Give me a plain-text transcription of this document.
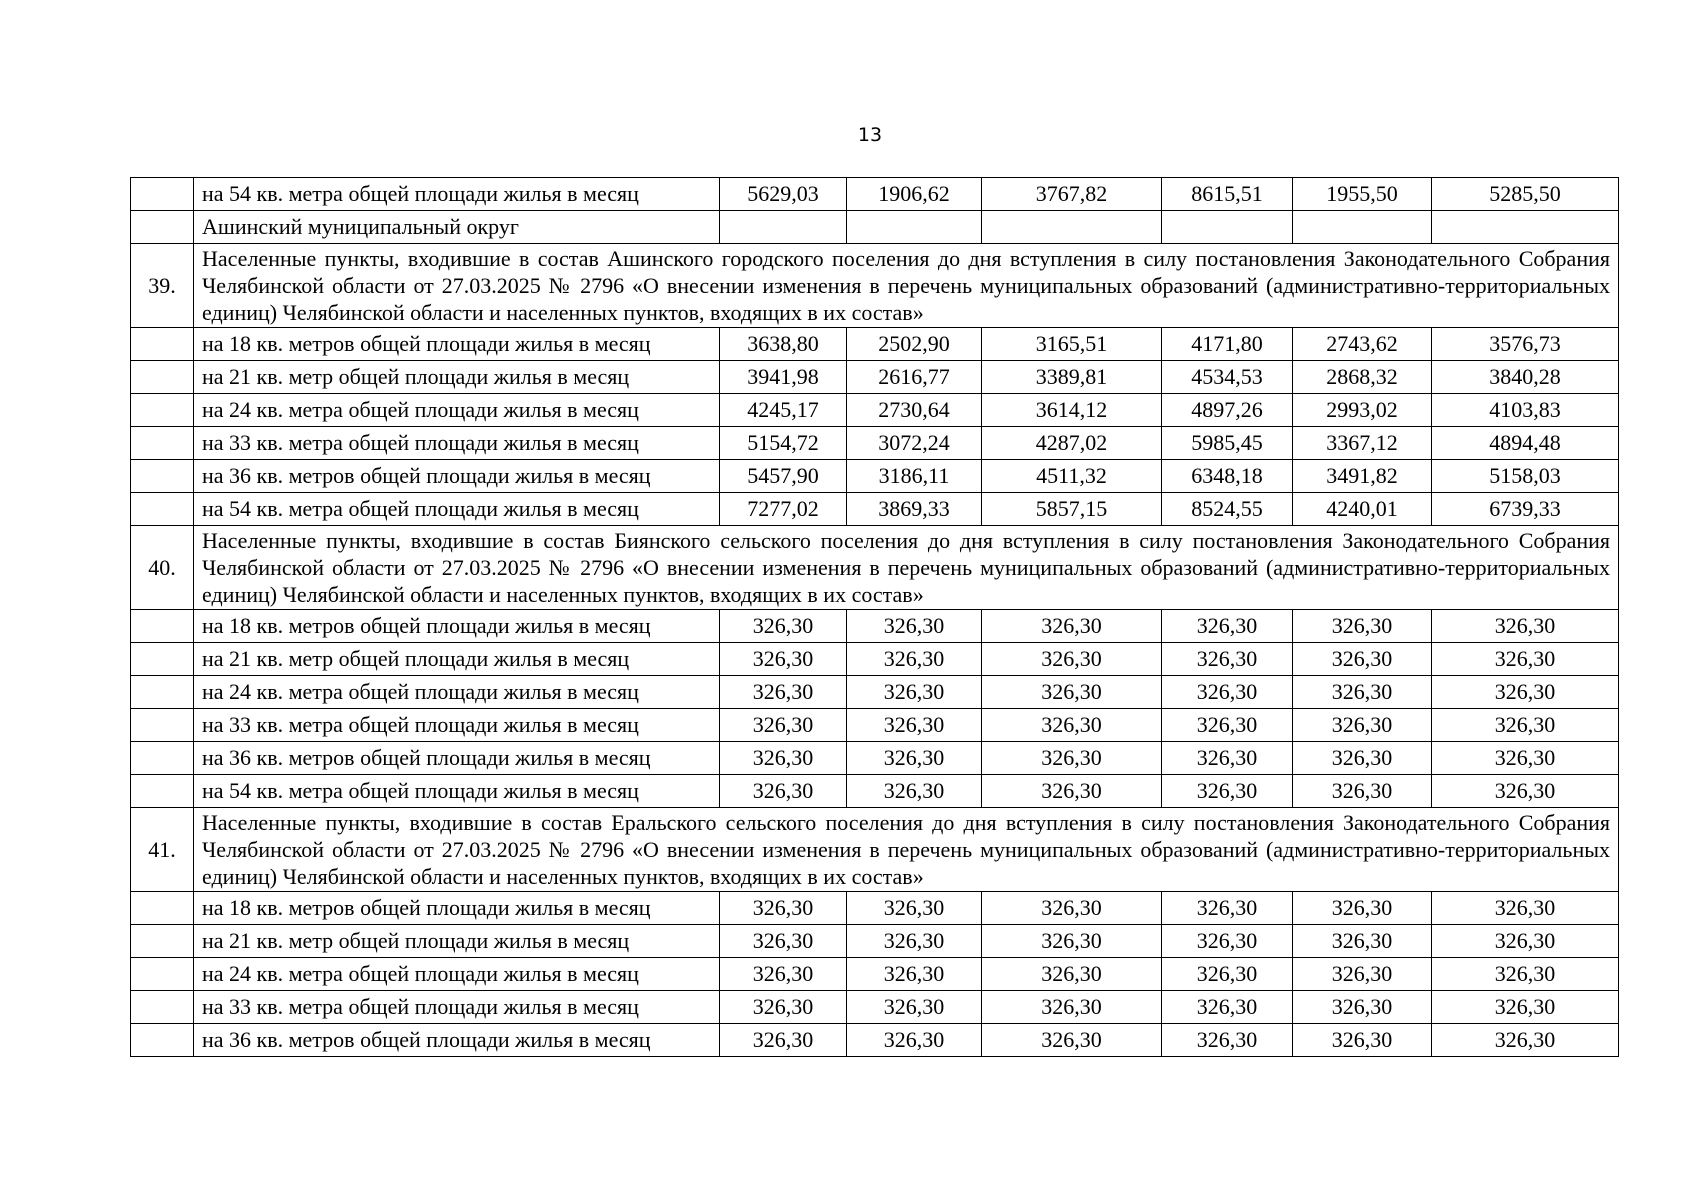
13
	на 54 кв. метра общей площади жилья в месяц	5629,03	1906,62	3767,82	8615,51	1955,50	5285,50
	Ашинский муниципальный округ						
39.	Населенные пункты, входившие в состав Ашинского городского поселения до дня вступления в силу постановления Законодательного Собрания Челябинской области от 27.03.2025 № 2796 «О внесении изменения в перечень муниципальных образований (административно-территориальных единиц) Челябинской области и населенных пунктов, входящих в их состав»						
	на 18 кв. метров общей площади жилья в месяц	3638,80	2502,90	3165,51	4171,80	2743,62	3576,73
	на 21 кв. метр общей площади жилья в месяц	3941,98	2616,77	3389,81	4534,53	2868,32	3840,28
	на 24 кв. метра общей площади жилья в месяц	4245,17	2730,64	3614,12	4897,26	2993,02	4103,83
	на 33 кв. метра общей площади жилья в месяц	5154,72	3072,24	4287,02	5985,45	3367,12	4894,48
	на 36 кв. метров общей площади жилья в месяц	5457,90	3186,11	4511,32	6348,18	3491,82	5158,03
	на 54 кв. метра общей площади жилья в месяц	7277,02	3869,33	5857,15	8524,55	4240,01	6739,33
40.	Населенные пункты, входившие в состав Биянского сельского поселения до дня вступления в силу постановления Законодательного Собрания Челябинской области от 27.03.2025 № 2796 «О внесении изменения в перечень муниципальных образований (административно-территориальных единиц) Челябинской области и населенных пунктов, входящих в их состав»						
	на 18 кв. метров общей площади жилья в месяц	326,30	326,30	326,30	326,30	326,30	326,30
	на 21 кв. метр общей площади жилья в месяц	326,30	326,30	326,30	326,30	326,30	326,30
	на 24 кв. метра общей площади жилья в месяц	326,30	326,30	326,30	326,30	326,30	326,30
	на 33 кв. метра общей площади жилья в месяц	326,30	326,30	326,30	326,30	326,30	326,30
	на 36 кв. метров общей площади жилья в месяц	326,30	326,30	326,30	326,30	326,30	326,30
	на 54 кв. метра общей площади жилья в месяц	326,30	326,30	326,30	326,30	326,30	326,30
41.	Населенные пункты, входившие в состав Еральского сельского поселения до дня вступления в силу постановления Законодательного Собрания Челябинской области от 27.03.2025 № 2796 «О внесении изменения в перечень муниципальных образований (административно-территориальных единиц) Челябинской области и населенных пунктов, входящих в их состав»						
	на 18 кв. метров общей площади жилья в месяц	326,30	326,30	326,30	326,30	326,30	326,30
	на 21 кв. метр общей площади жилья в месяц	326,30	326,30	326,30	326,30	326,30	326,30
	на 24 кв. метра общей площади жилья в месяц	326,30	326,30	326,30	326,30	326,30	326,30
	на 33 кв. метра общей площади жилья в месяц	326,30	326,30	326,30	326,30	326,30	326,30
	на 36 кв. метров общей площади жилья в месяц	326,30	326,30	326,30	326,30	326,30	326,30
